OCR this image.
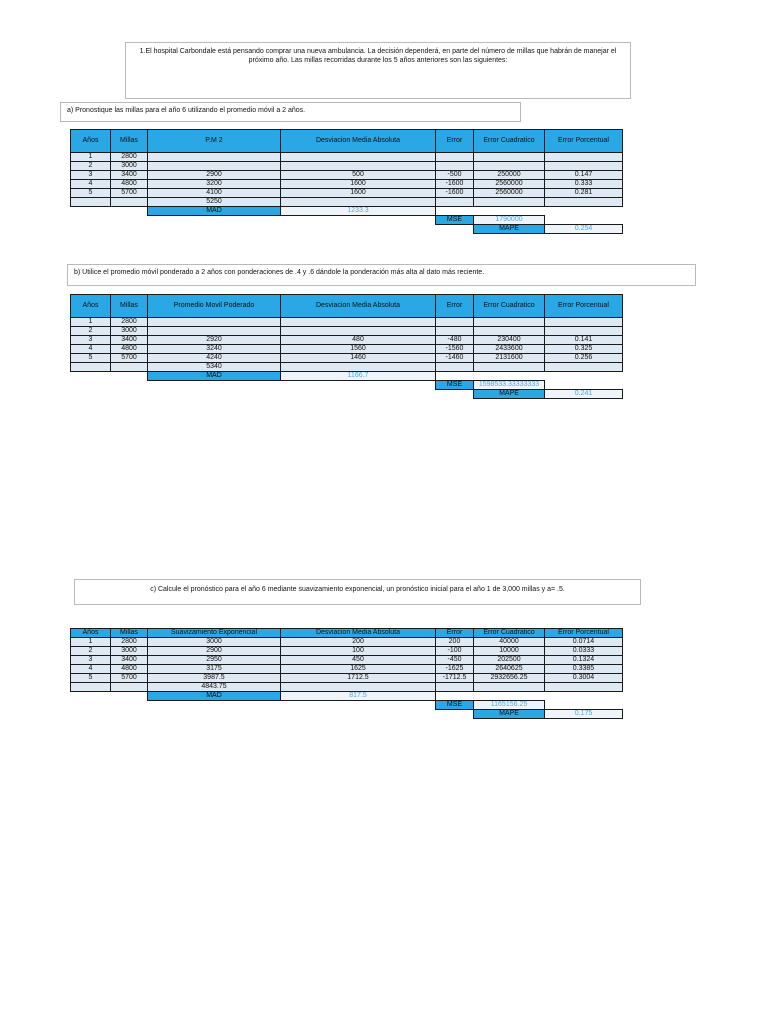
1.El hospital Carbondale está pensando comprar una nueva ambulancia. La decisión dependerá, en parte del número de millas que habrán de manejar el próximo año. Las millas recorridas durante los 5 años anteriores son las siguientes:
a) Pronostique las millas para el año 6 utilizando el promedio móvil a 2 años.
Años	Millas	P.M 2	Desviacion Media Absoluta	Error	Error Cuadratico	Error Porcentual
1	2800					
2	3000					
3	3400	2900	500	-500	250000	0.147
4	4800	3200	1600	-1600	2560000	0.333
5	5700	4100	1600	-1600	2560000	0.281
		5250				
		MAD	1233.3			
				MSE	1790000	
					MAPE	0.254
b) Utilice el promedio móvil ponderado a 2 años con ponderaciones de .4 y .6 dándole la ponderación más alta al dato más reciente.
Años	Millas	Promedio Movil Poderado	Desviacion Media Absoluta	Error	Error Cuadratico	Error Porcentual
1	2800					
2	3000					
3	3400	2920	480	-480	230400	0.141
4	4800	3240	1560	-1560	2433600	0.325
5	5700	4240	1460	-1460	2131600	0.256
		5340				
		MAD	1166.7			
				MSE	1598533.33333333	
					MAPE	0.241
c) Calcule el pronóstico para el año 6 mediante suavizamiento exponencial, un pronóstico inicial para el año 1 de 3,000 millas y a= .5.
Años	Millas	Suavizamiento Exponencial	Desviacion Media Absoluta	Error	Error Cuadratico	Error Porcentual
1	2800	3000	200	200	40000	0.0714
2	3000	2900	100	-100	10000	0.0333
3	3400	2950	450	-450	202500	0.1324
4	4800	3175	1625	-1625	2640625	0.3385
5	5700	3987.5	1712.5	-1712.5	2932656.25	0.3004
		4843.75				
		MAD	817.5			
				MSE	1165156.25	
					MAPE	0.175
